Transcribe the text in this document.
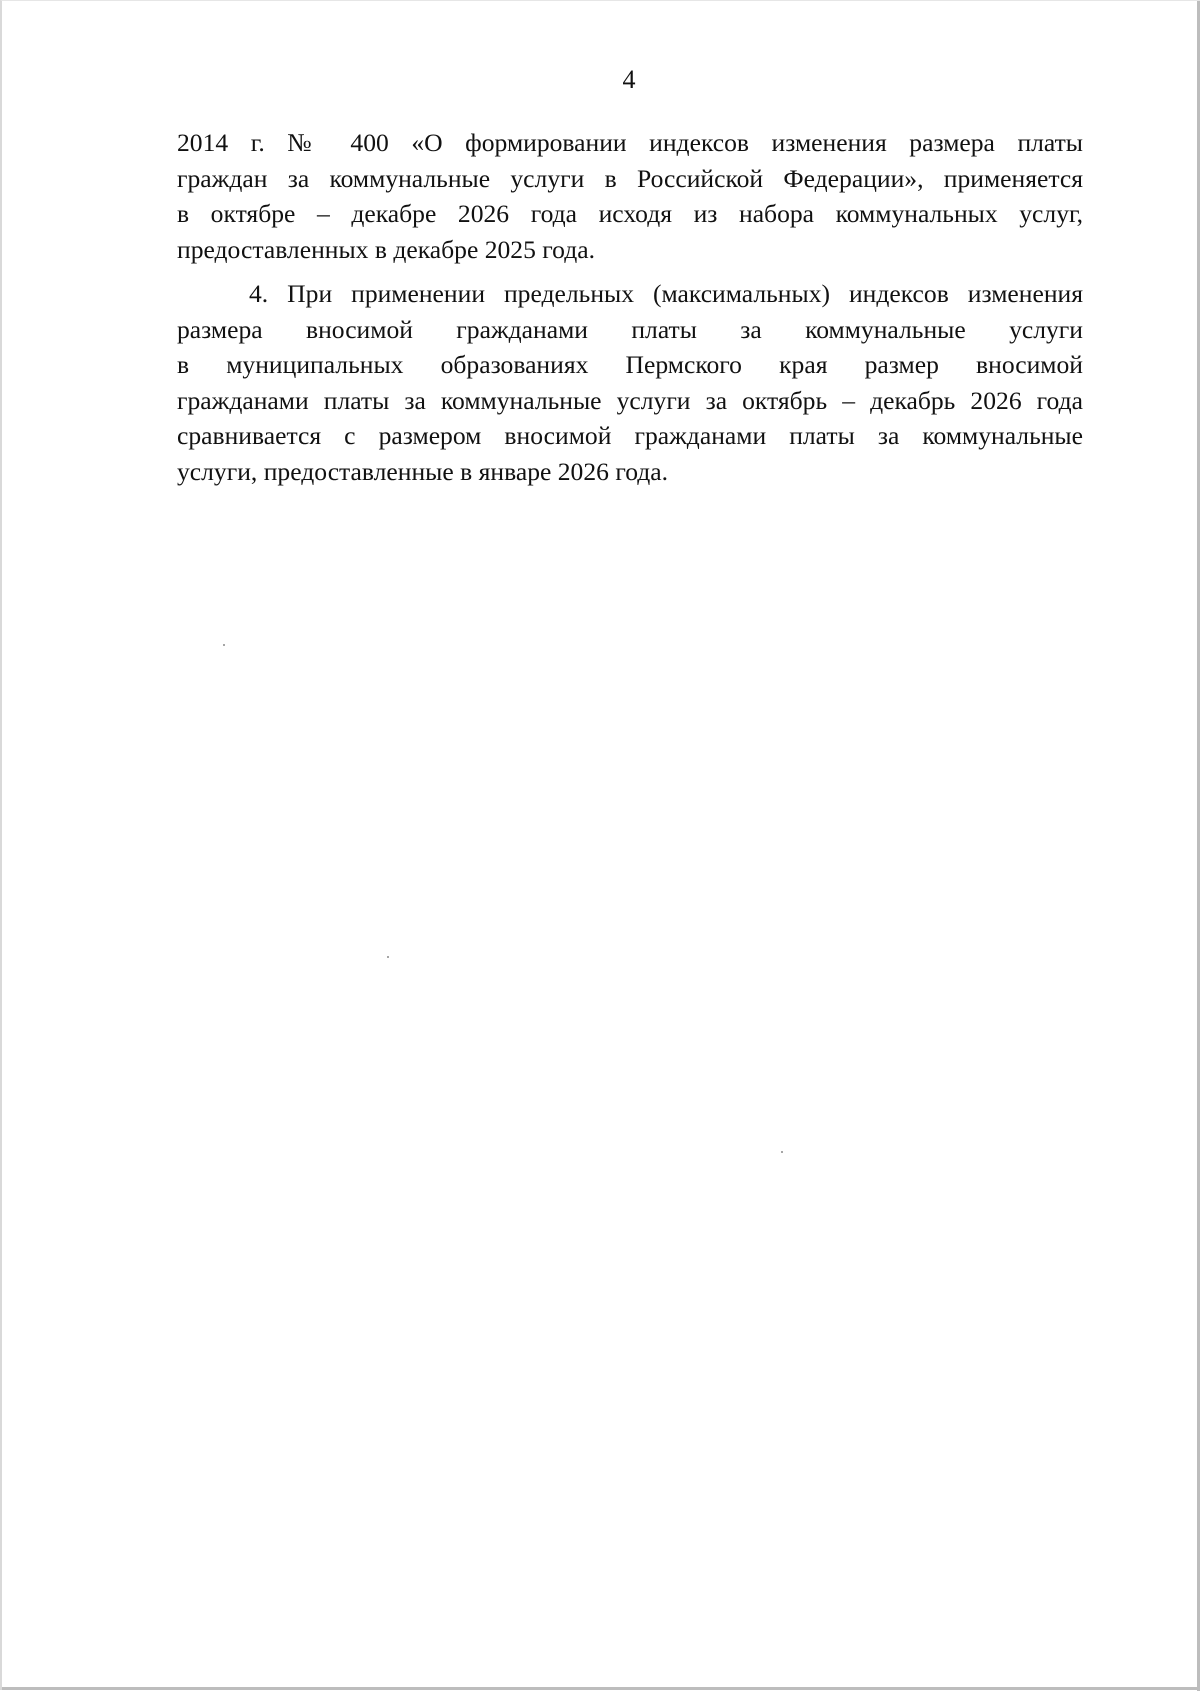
4
2014 г. № 400 «О формировании индексов изменения размера платы
граждан за коммунальные услуги в Российской Федерации», применяется
в октябре – декабре 2026 года исходя из набора коммунальных услуг,
предоставленных в декабре 2025 года.
4. При применении предельных (максимальных) индексов изменения
размера вносимой гражданами платы за коммунальные услуги
в муниципальных образованиях Пермского края размер вносимой
гражданами платы за коммунальные услуги за октябрь – декабрь 2026 года
сравнивается с размером вносимой гражданами платы за коммунальные
услуги, предоставленные в январе 2026 года.
